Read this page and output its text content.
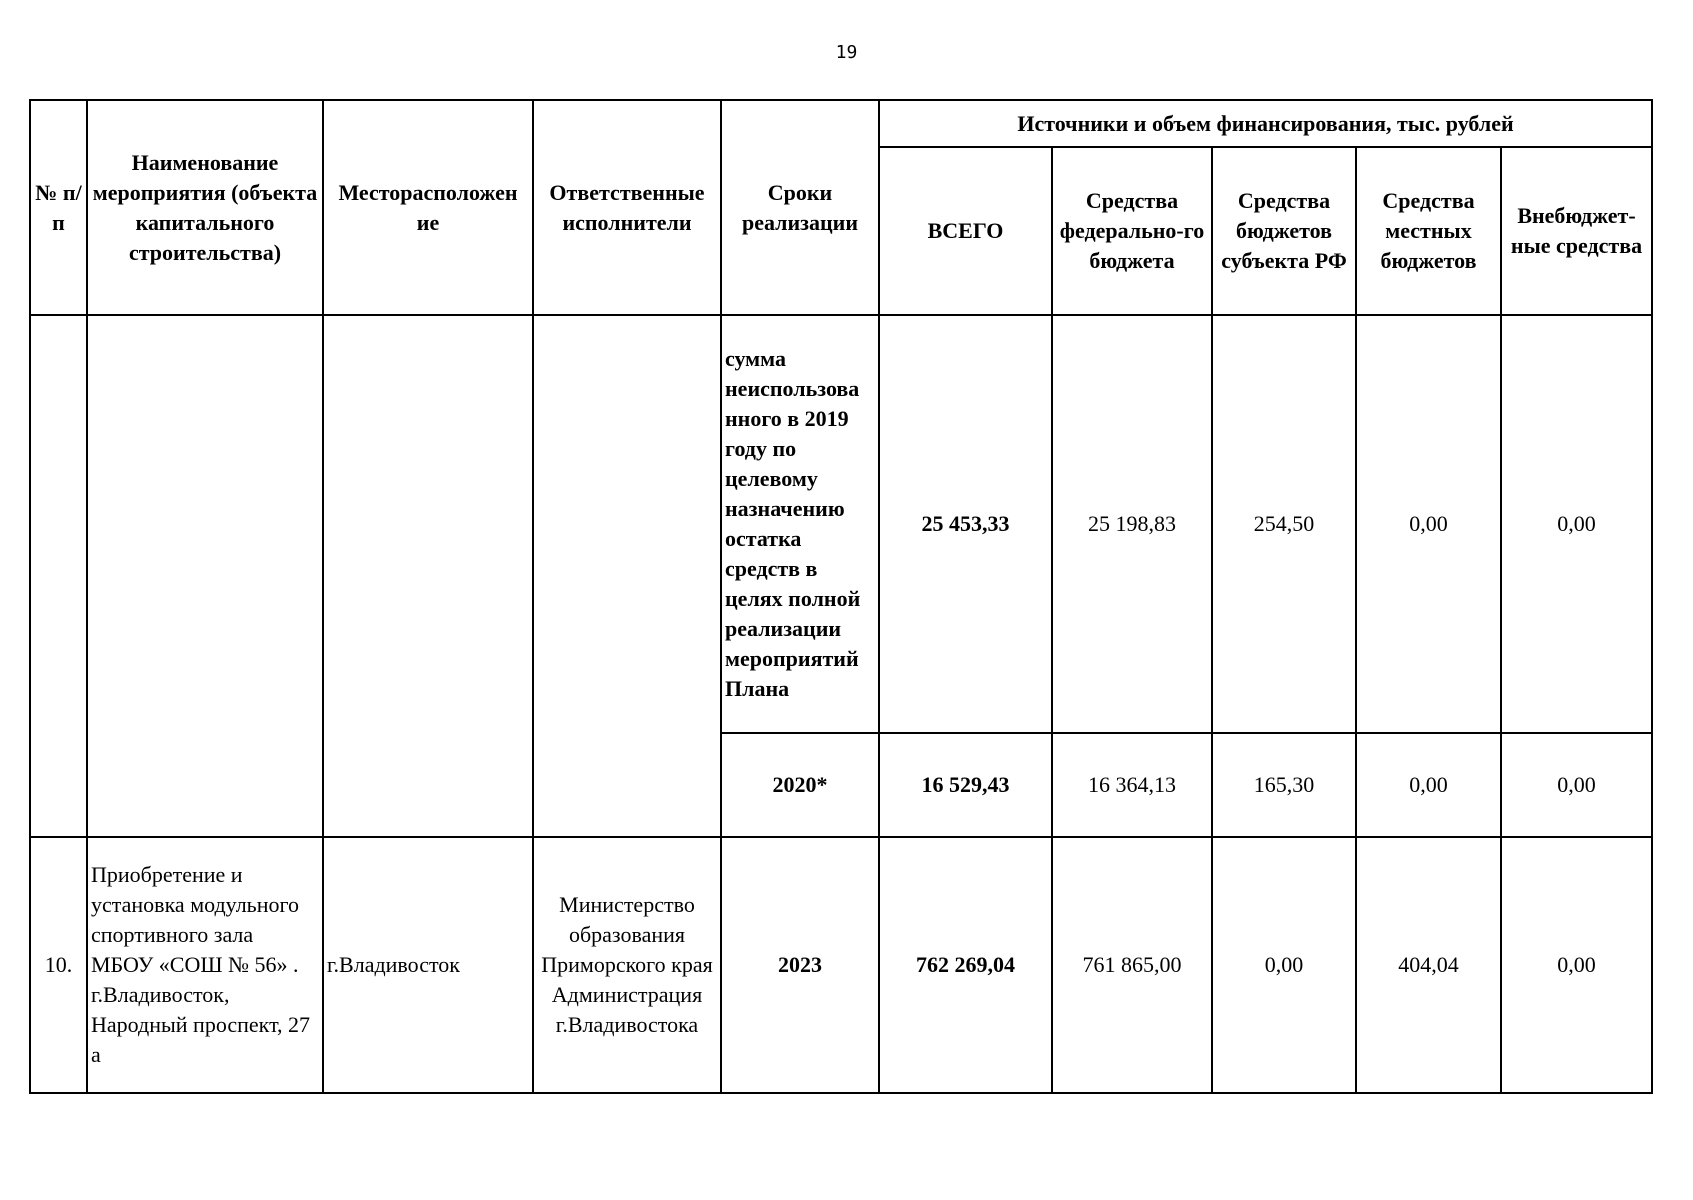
19
№ п/п	Наименование мероприятия (объекта капитального строительства)	Месторасположен ие	Ответственные исполнители	Сроки реализации	Источники и объем финансирования, тыс. рублей				
					ВСЕГО	Средства федерально-го бюджета	Средства бюджетов субъекта РФ	Средства местных бюджетов	Внебюджет-ные средства
				сумма неиспользова нного в 2019 году по целевому назначению остатка средств в целях полной реализации мероприятий Плана	25 453,33	25 198,83	254,50	0,00	0,00
				2020*	16 529,43	16 364,13	165,30	0,00	0,00
10.	Приобретение и установка модульного спортивного зала МБОУ «СОШ № 56» . г.Владивосток, Народный проспект, 27 а	г.Владивосток	Министерство образования Приморского края Администрация г.Владивостока	2023	762 269,04	761 865,00	0,00	404,04	0,00
